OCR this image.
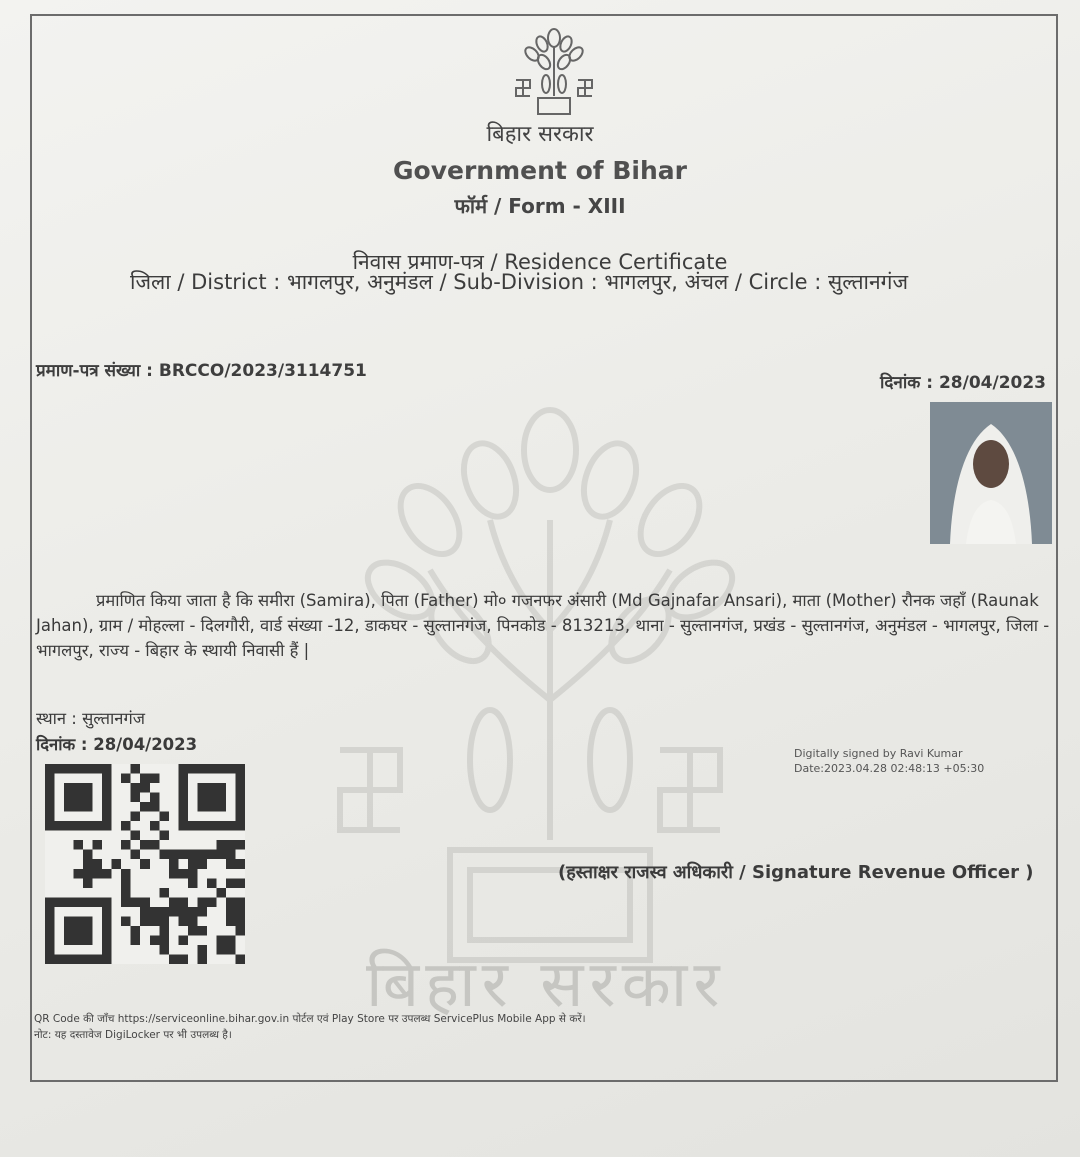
बिहार सरकार
बिहार सरकार
Government of Bihar
फॉर्म / Form - XIII
निवास प्रमाण-पत्र / Residence Certificate
जिला / District : भागलपुर, अनुमंडल / Sub-Division : भागलपुर, अंचल / Circle : सुल्तानगंज
प्रमाण-पत्र संख्या : BRCCO/2023/3114751
दिनांक : 28/04/2023

प्रमाणित किया जाता है कि समीरा (Samira), पिता (Father) मो० गजनफर अंसारी (Md Gajnafar Ansari), माता (Mother) रौनक जहाँ (Raunak Jahan), ग्राम / मोहल्ला - दिलगौरी, वार्ड संख्या -12, डाकघर - सुल्तानगंज, पिनकोड - 813213, थाना - सुल्तानगंज, प्रखंड - सुल्तानगंज, अनुमंडल - भागलपुर, जिला - भागलपुर, राज्य - बिहार के स्थायी निवासी हैं |

स्थान : सुल्तानगंज
दिनांक : 28/04/2023	Digitally signed by Ravi Kumar
Date:2023.04.28 02:48:13 +05:30
(हस्ताक्षर राजस्व अधिकारी / Signature Revenue Officer )
QR Code की जाँच https://serviceonline.bihar.gov.in पोर्टल एवं Play Store पर उपलब्ध ServicePlus Mobile App से करें।
नोट: यह दस्तावेज DigiLocker पर भी उपलब्ध है।
